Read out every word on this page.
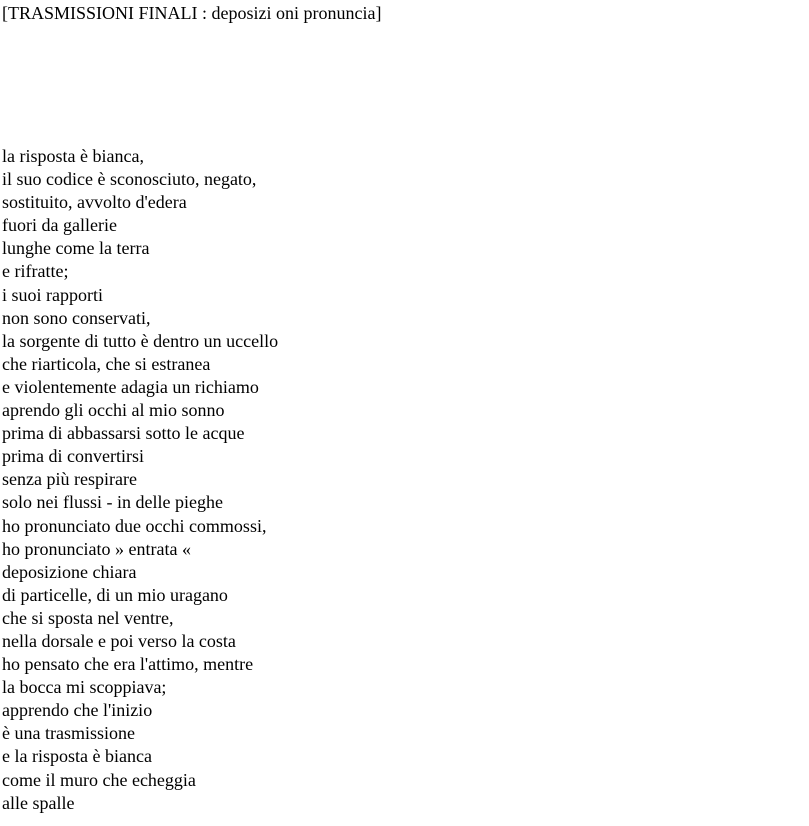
[TRASMISSIONI FINALI : deposizi oni pronuncia]
la risposta è bianca,
il suo codice è sconosciuto, negato,
sostituito, avvolto d'edera
fuori da gallerie
lunghe come la terra
e rifratte;
i suoi rapporti
non sono conservati,
la sorgente di tutto è dentro un uccello
che riarticola, che si estranea
e violentemente adagia un richiamo
aprendo gli occhi al mio sonno
prima di abbassarsi sotto le acque
prima di convertirsi
senza più respirare
solo nei flussi - in delle pieghe
ho pronunciato due occhi commossi,
ho pronunciato » entrata «
deposizione chiara
di particelle, di un mio uragano
che si sposta nel ventre,
nella dorsale e poi verso la costa
ho pensato che era l'attimo, mentre
la bocca mi scoppiava;
apprendo che l'inizio
è una trasmissione
e la risposta è bianca
come il muro che echeggia
alle spalle
